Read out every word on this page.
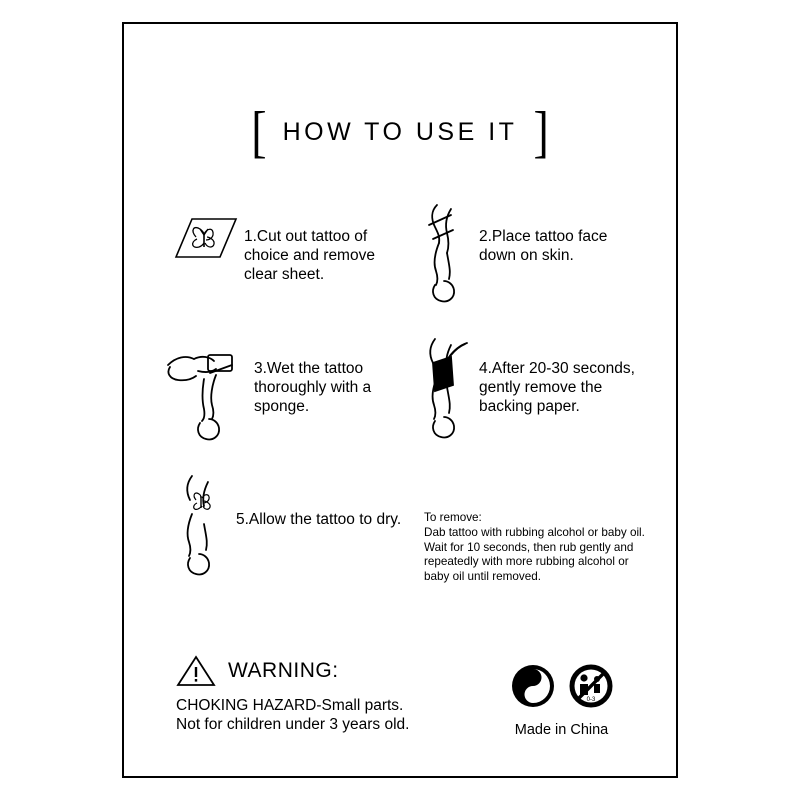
[ HOW TO USE IT ]
1.Cut out tattoo of choice and remove clear sheet.
2.Place tattoo face down on skin.
3.Wet the tattoo thoroughly with a sponge.
4.After 20-30 seconds, gently remove the backing paper.
5.Allow the tattoo to dry. To remove:
Dab tattoo with rubbing alcohol or baby oil. Wait for 10 seconds, then rub gently and repeatedly with more rubbing alcohol or baby oil until removed.
WARNING:
CHOKING HAZARD-Small parts.
Not for children under 3 years old.
0-3
Made in China
